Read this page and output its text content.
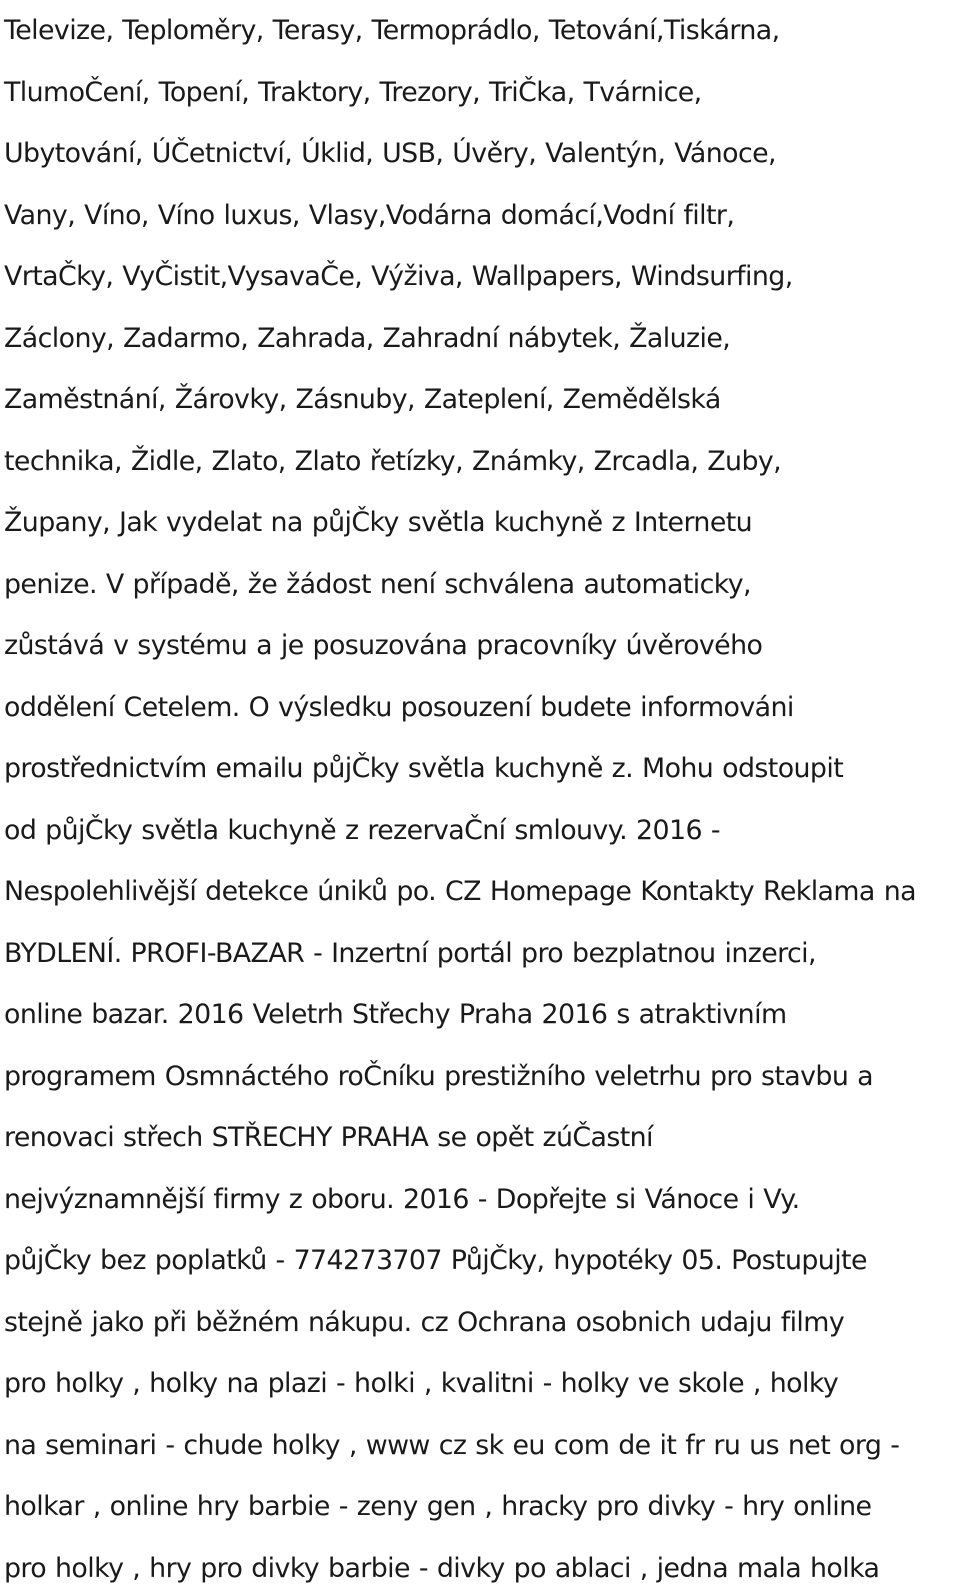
Televize, Teploměry, Terasy, Termoprádlo, Tetování,Tiskárna,
TlumoČení, Topení, Traktory, Trezory, TriČka, Tvárnice,
Ubytování, ÚČetnictví, Úklid, USB, Úvěry, Valentýn, Vánoce,
Vany, Víno, Víno luxus, Vlasy,Vodárna domácí,Vodní filtr,
VrtaČky, VyČistit,VysavaČe, Výživa, Wallpapers, Windsurfing,
Záclony, Zadarmo, Zahrada, Zahradní nábytek, Žaluzie,
Zaměstnání, Žárovky, Zásnuby, Zateplení, Zemědělská
technika, Židle, Zlato, Zlato řetízky, Známky, Zrcadla, Zuby,
Župany, Jak vydelat na půjČky světla kuchyně z Internetu
penize. V případě, že žádost není schválena automaticky,
zůstává v systému a je posuzována pracovníky úvěrového
oddělení Cetelem. O výsledku posouzení budete informováni
prostřednictvím emailu půjČky světla kuchyně z. Mohu odstoupit
od půjČky světla kuchyně z rezervaČní smlouvy. 2016 -
Nespolehlivější detekce úniků po. CZ Homepage Kontakty Reklama na
BYDLENÍ. PROFI-BAZAR - Inzertní portál pro bezplatnou inzerci,
online bazar. 2016 Veletrh Střechy Praha 2016 s atraktivním
programem Osmnáctého roČníku prestižního veletrhu pro stavbu a
renovaci střech STŘECHY PRAHA se opět zúČastní
nejvýznamnější firmy z oboru. 2016 - Dopřejte si Vánoce i Vy.
půjČky bez poplatků - 774273707 PůjČky, hypotéky 05. Postupujte
stejně jako při běžném nákupu. cz Ochrana osobnich udaju filmy
pro holky , holky na plazi - holki , kvalitni - holky ve skole , holky
na seminari - chude holky , www cz sk eu com de it fr ru us net org -
holkar , online hry barbie - zeny gen , hracky pro divky - hry online
pro holky , hry pro divky barbie - divky po ablaci , jedna mala holka
